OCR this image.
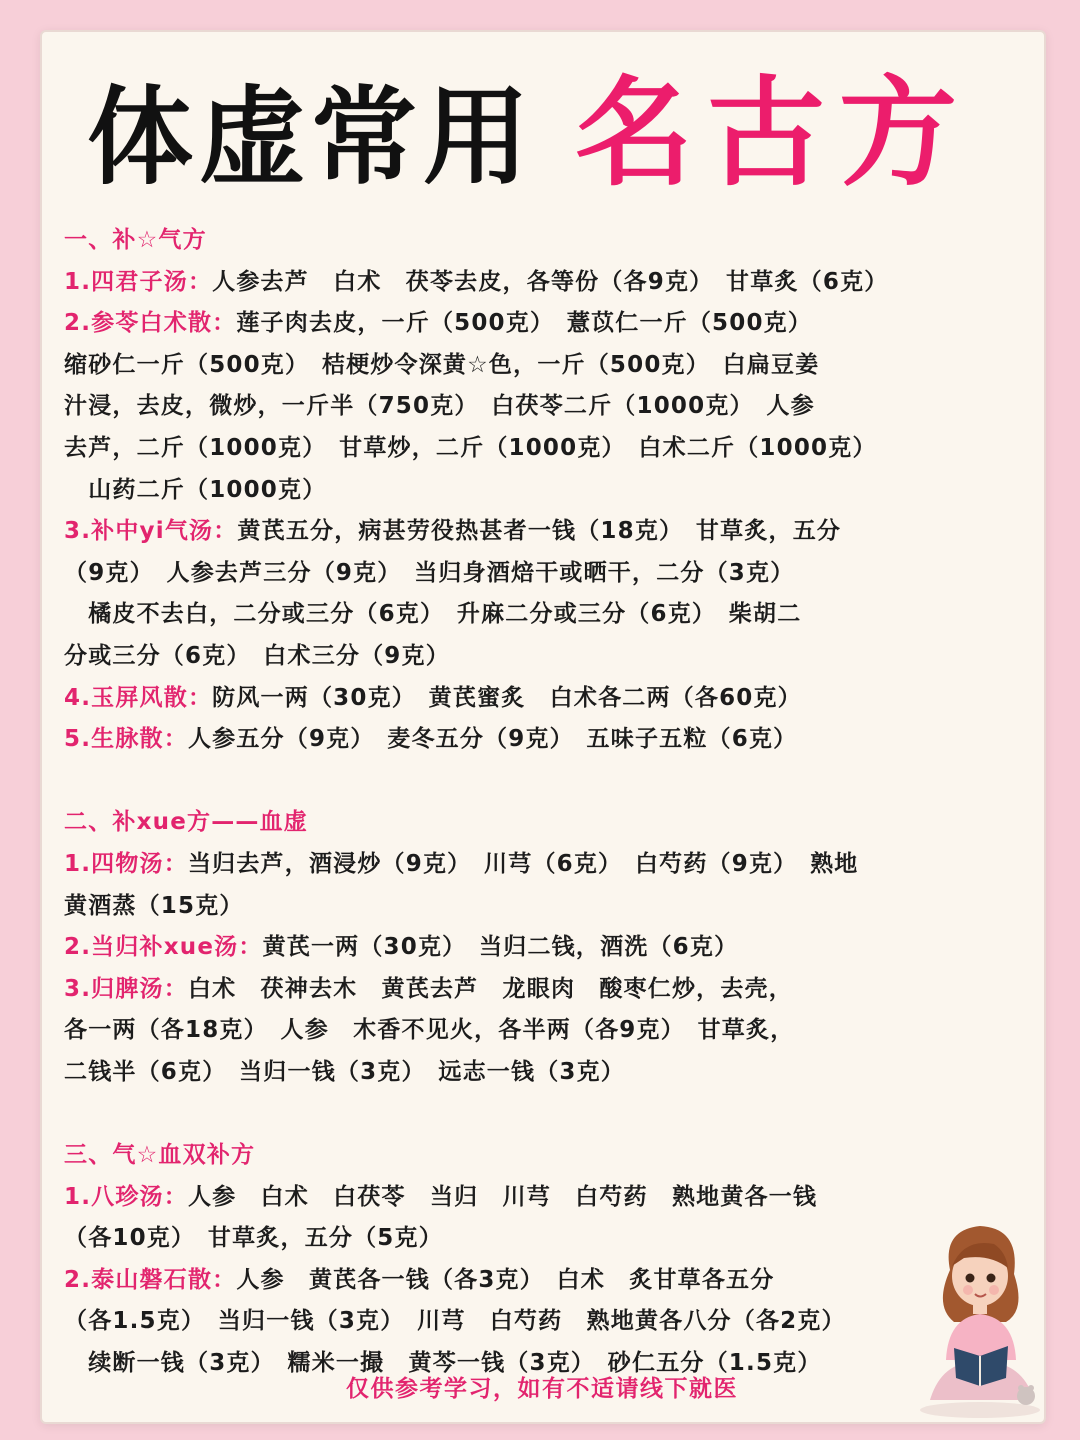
体虚常用 名古方
一、补☆气方
1.四君子汤：人参去芦　白术　茯苓去皮，各等份（各9克）　甘草炙（6克）
2.参苓白术散：莲子肉去皮，一斤（500克）　薏苡仁一斤（500克）
缩砂仁一斤（500克）　桔梗炒令深黄☆色，一斤（500克）　白扁豆姜
汁浸，去皮，微炒，一斤半（750克）　白茯苓二斤（1000克）　人参
去芦，二斤（1000克）　甘草炒，二斤（1000克）　白术二斤（1000克）
　山药二斤（1000克）
3.补中yi气汤：黄芪五分，病甚劳役热甚者一钱（18克）　甘草炙，五分
（9克）　人参去芦三分（9克）　当归身酒焙干或晒干，二分（3克）
　橘皮不去白，二分或三分（6克）　升麻二分或三分（6克）　柴胡二
分或三分（6克）　白术三分（9克）
4.玉屏风散：防风一两（30克）　黄芪蜜炙　白术各二两（各60克）
5.生脉散：人参五分（9克）　麦冬五分（9克）　五味子五粒（6克）
二、补xue方——血虚
1.四物汤：当归去芦，酒浸炒（9克）　川芎（6克）　白芍药（9克）　熟地
黄酒蒸（15克）
2.当归补xue汤：黄芪一两（30克）　当归二钱，酒洗（6克）
3.归脾汤：白术　茯神去木　黄芪去芦　龙眼肉　酸枣仁炒，去壳，
各一两（各18克）　人参　木香不见火，各半两（各9克）　甘草炙，
二钱半（6克）　当归一钱（3克）　远志一钱（3克）
三、气☆血双补方
1.八珍汤：人参　白术　白茯苓　当归　川芎　白芍药　熟地黄各一钱
（各10克）　甘草炙，五分（5克）
2.泰山磐石散：人参　黄芪各一钱（各3克）　白术　炙甘草各五分
（各1.5克）　当归一钱（3克）　川芎　白芍药　熟地黄各八分（各2克）
　续断一钱（3克）　糯米一撮　黄芩一钱（3克）　砂仁五分（1.5克）
仅供参考学习，如有不适请线下就医
